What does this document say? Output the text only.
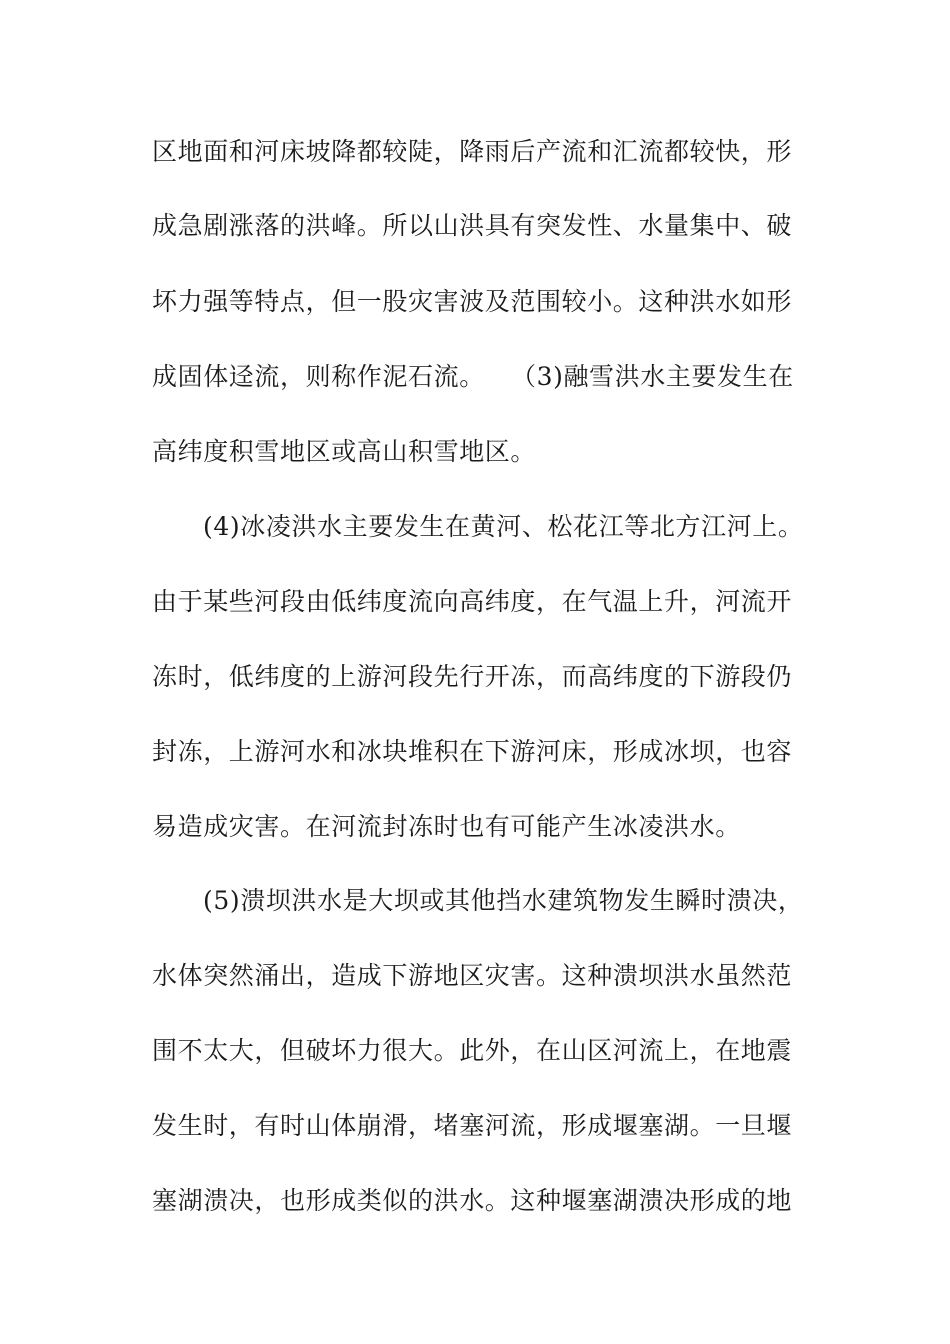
区地面和河床坡降都较陡，降雨后产流和汇流都较快，形
成急剧涨落的洪峰。所以山洪具有突发性、水量集中、破
坏力强等特点，但一股灾害波及范围较小。这种洪水如形
成固体迳流，则称作泥石流。　　（3)融雪洪水主要发生在
高纬度积雪地区或高山积雪地区。
(4)冰凌洪水主要发生在黄河、松花江等北方江河上。
由于某些河段由低纬度流向高纬度，在气温上升，河流开
冻时，低纬度的上游河段先行开冻，而高纬度的下游段仍
封冻，上游河水和冰块堆积在下游河床，形成冰坝，也容
易造成灾害。在河流封冻时也有可能产生冰凌洪水。
(5)溃坝洪水是大坝或其他挡水建筑物发生瞬时溃决，
水体突然涌出，造成下游地区灾害。这种溃坝洪水虽然范
围不太大，但破坏力很大。此外，在山区河流上，在地震
发生时，有时山体崩滑，堵塞河流，形成堰塞湖。一旦堰
塞湖溃决，也形成类似的洪水。这种堰塞湖溃决形成的地
